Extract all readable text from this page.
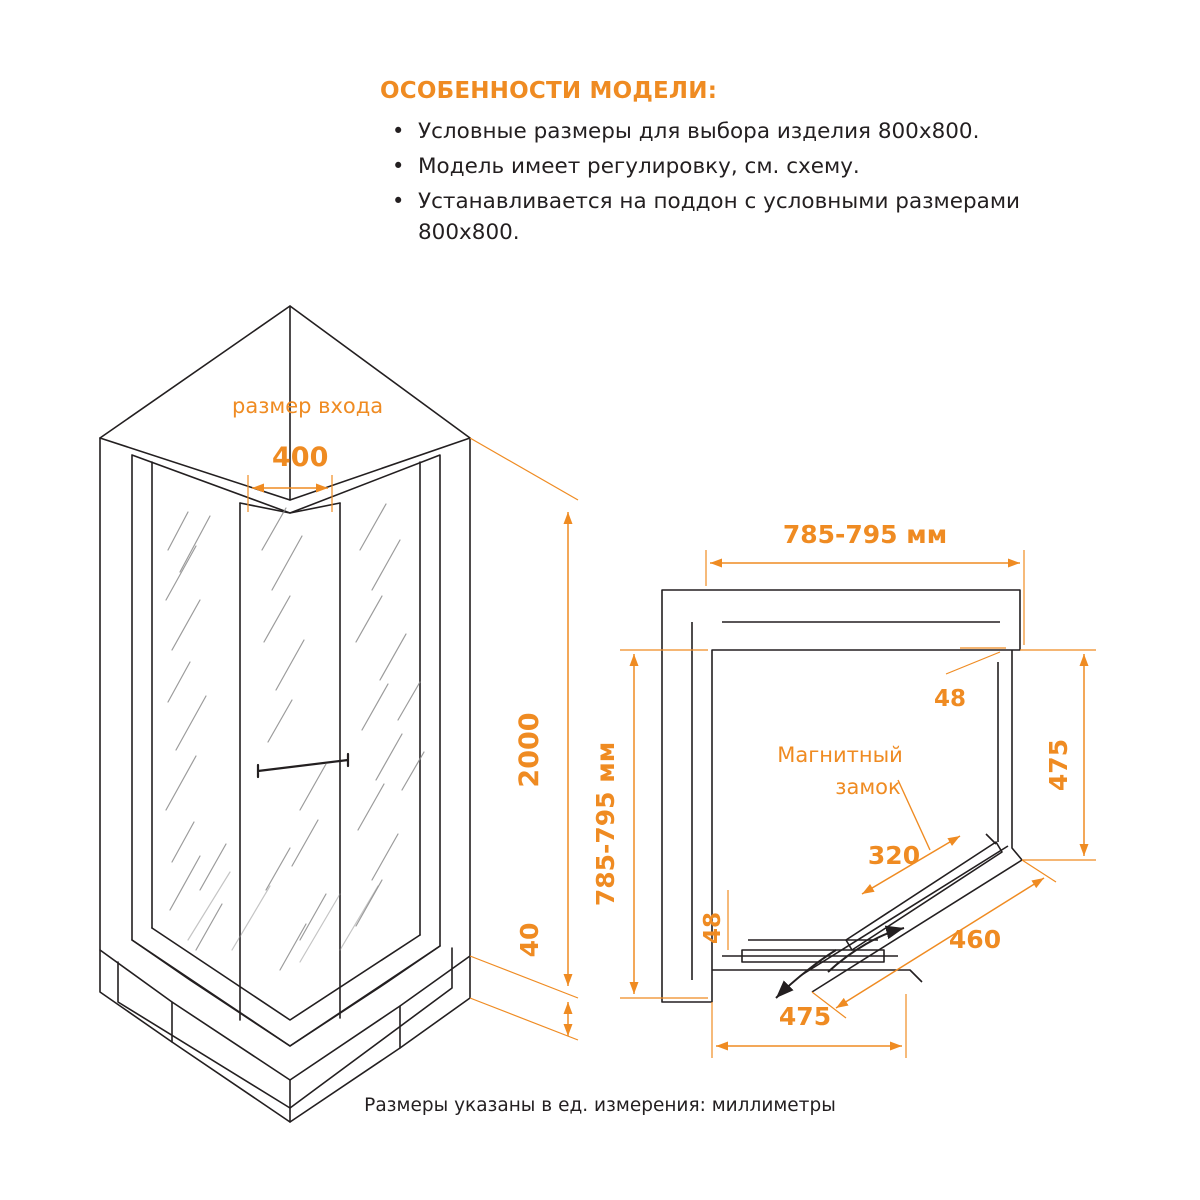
ОСОБЕННОСТИ МОДЕЛИ:
• Условные размеры для выбора изделия 800х800.
• Модель имеет регулировку, см. схему.
• Устанавливается на поддон с условными размерами 800х800.
размер входа
400
2000
40
785-795 мм
785-795 мм
48
48
320
475
460
475
Магнитный
замок
Размеры указаны в ед. измерения: миллиметры
